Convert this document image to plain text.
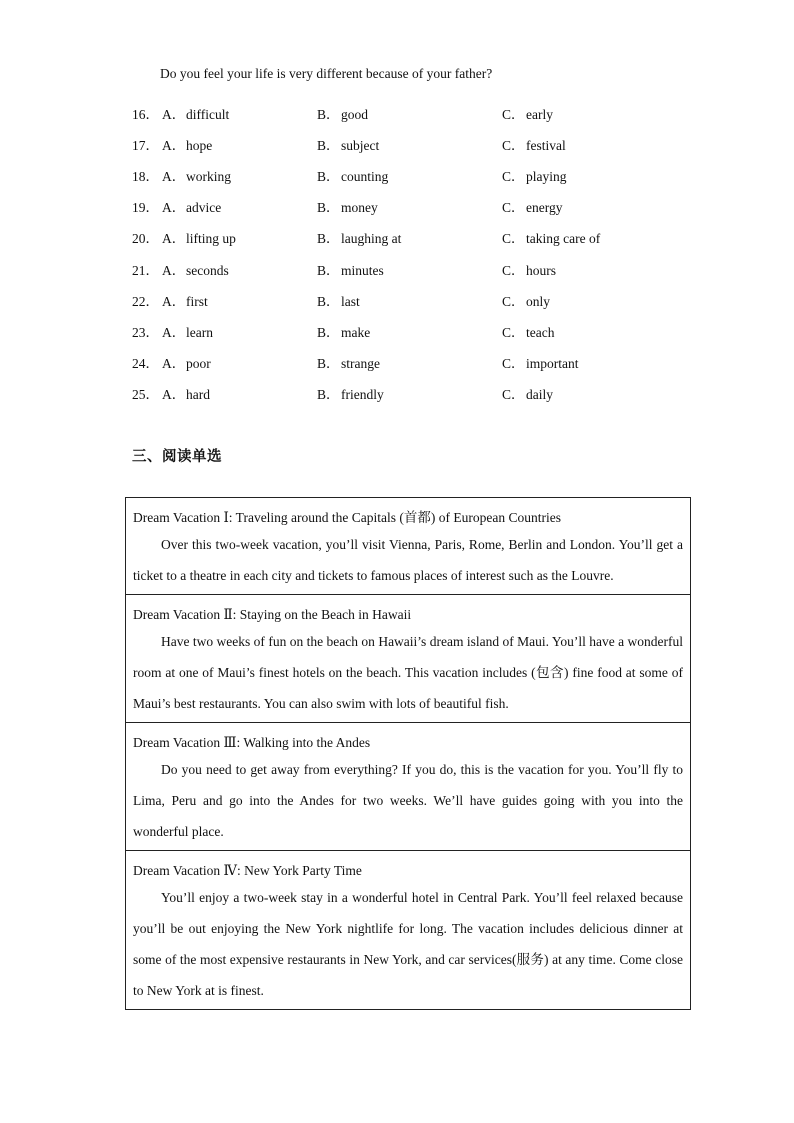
Do you feel your life is very different because of your father?
16． A．difficult	B．good	C．early
17． A．hope	B．subject	C．festival
18． A．working	B．counting	C．playing
19． A．advice	B．money	C．energy
20． A．lifting up	B．laughing at	C．taking care of
21． A．seconds	B．minutes	C．hours
22． A．first	B．last	C．only
23． A．learn	B．make	C．teach
24． A．poor	B．strange	C．important
25． A．hard	B．friendly	C．daily
三、阅读单选
Dream Vacation Ⅰ: Traveling around the Capitals (首都) of European Countries
Over this two-week vacation, you’ll visit Vienna, Paris, Rome, Berlin and London. You’ll get a ticket to a theatre in each city and tickets to famous places of interest such as the Louvre.

Dream Vacation Ⅱ: Staying on the Beach in Hawaii
Have two weeks of fun on the beach on Hawaii’s dream island of Maui. You’ll have a wonderful room at one of Maui’s finest hotels on the beach. This vacation includes (包含) fine food at some of Maui’s best restaurants. You can also swim with lots of beautiful fish.

Dream Vacation Ⅲ: Walking into the Andes
Do you need to get away from everything? If you do, this is the vacation for you. You’ll fly to Lima, Peru and go into the Andes for two weeks. We’ll have guides going with you into the wonderful place.

Dream Vacation Ⅳ: New York Party Time
You’ll enjoy a two-week stay in a wonderful hotel in Central Park. You’ll feel relaxed because you’ll be out enjoying the New York nightlife for long. The vacation includes delicious dinner at some of the most expensive restaurants in New York, and car services(服务) at any time. Come close to New York at is finest.
